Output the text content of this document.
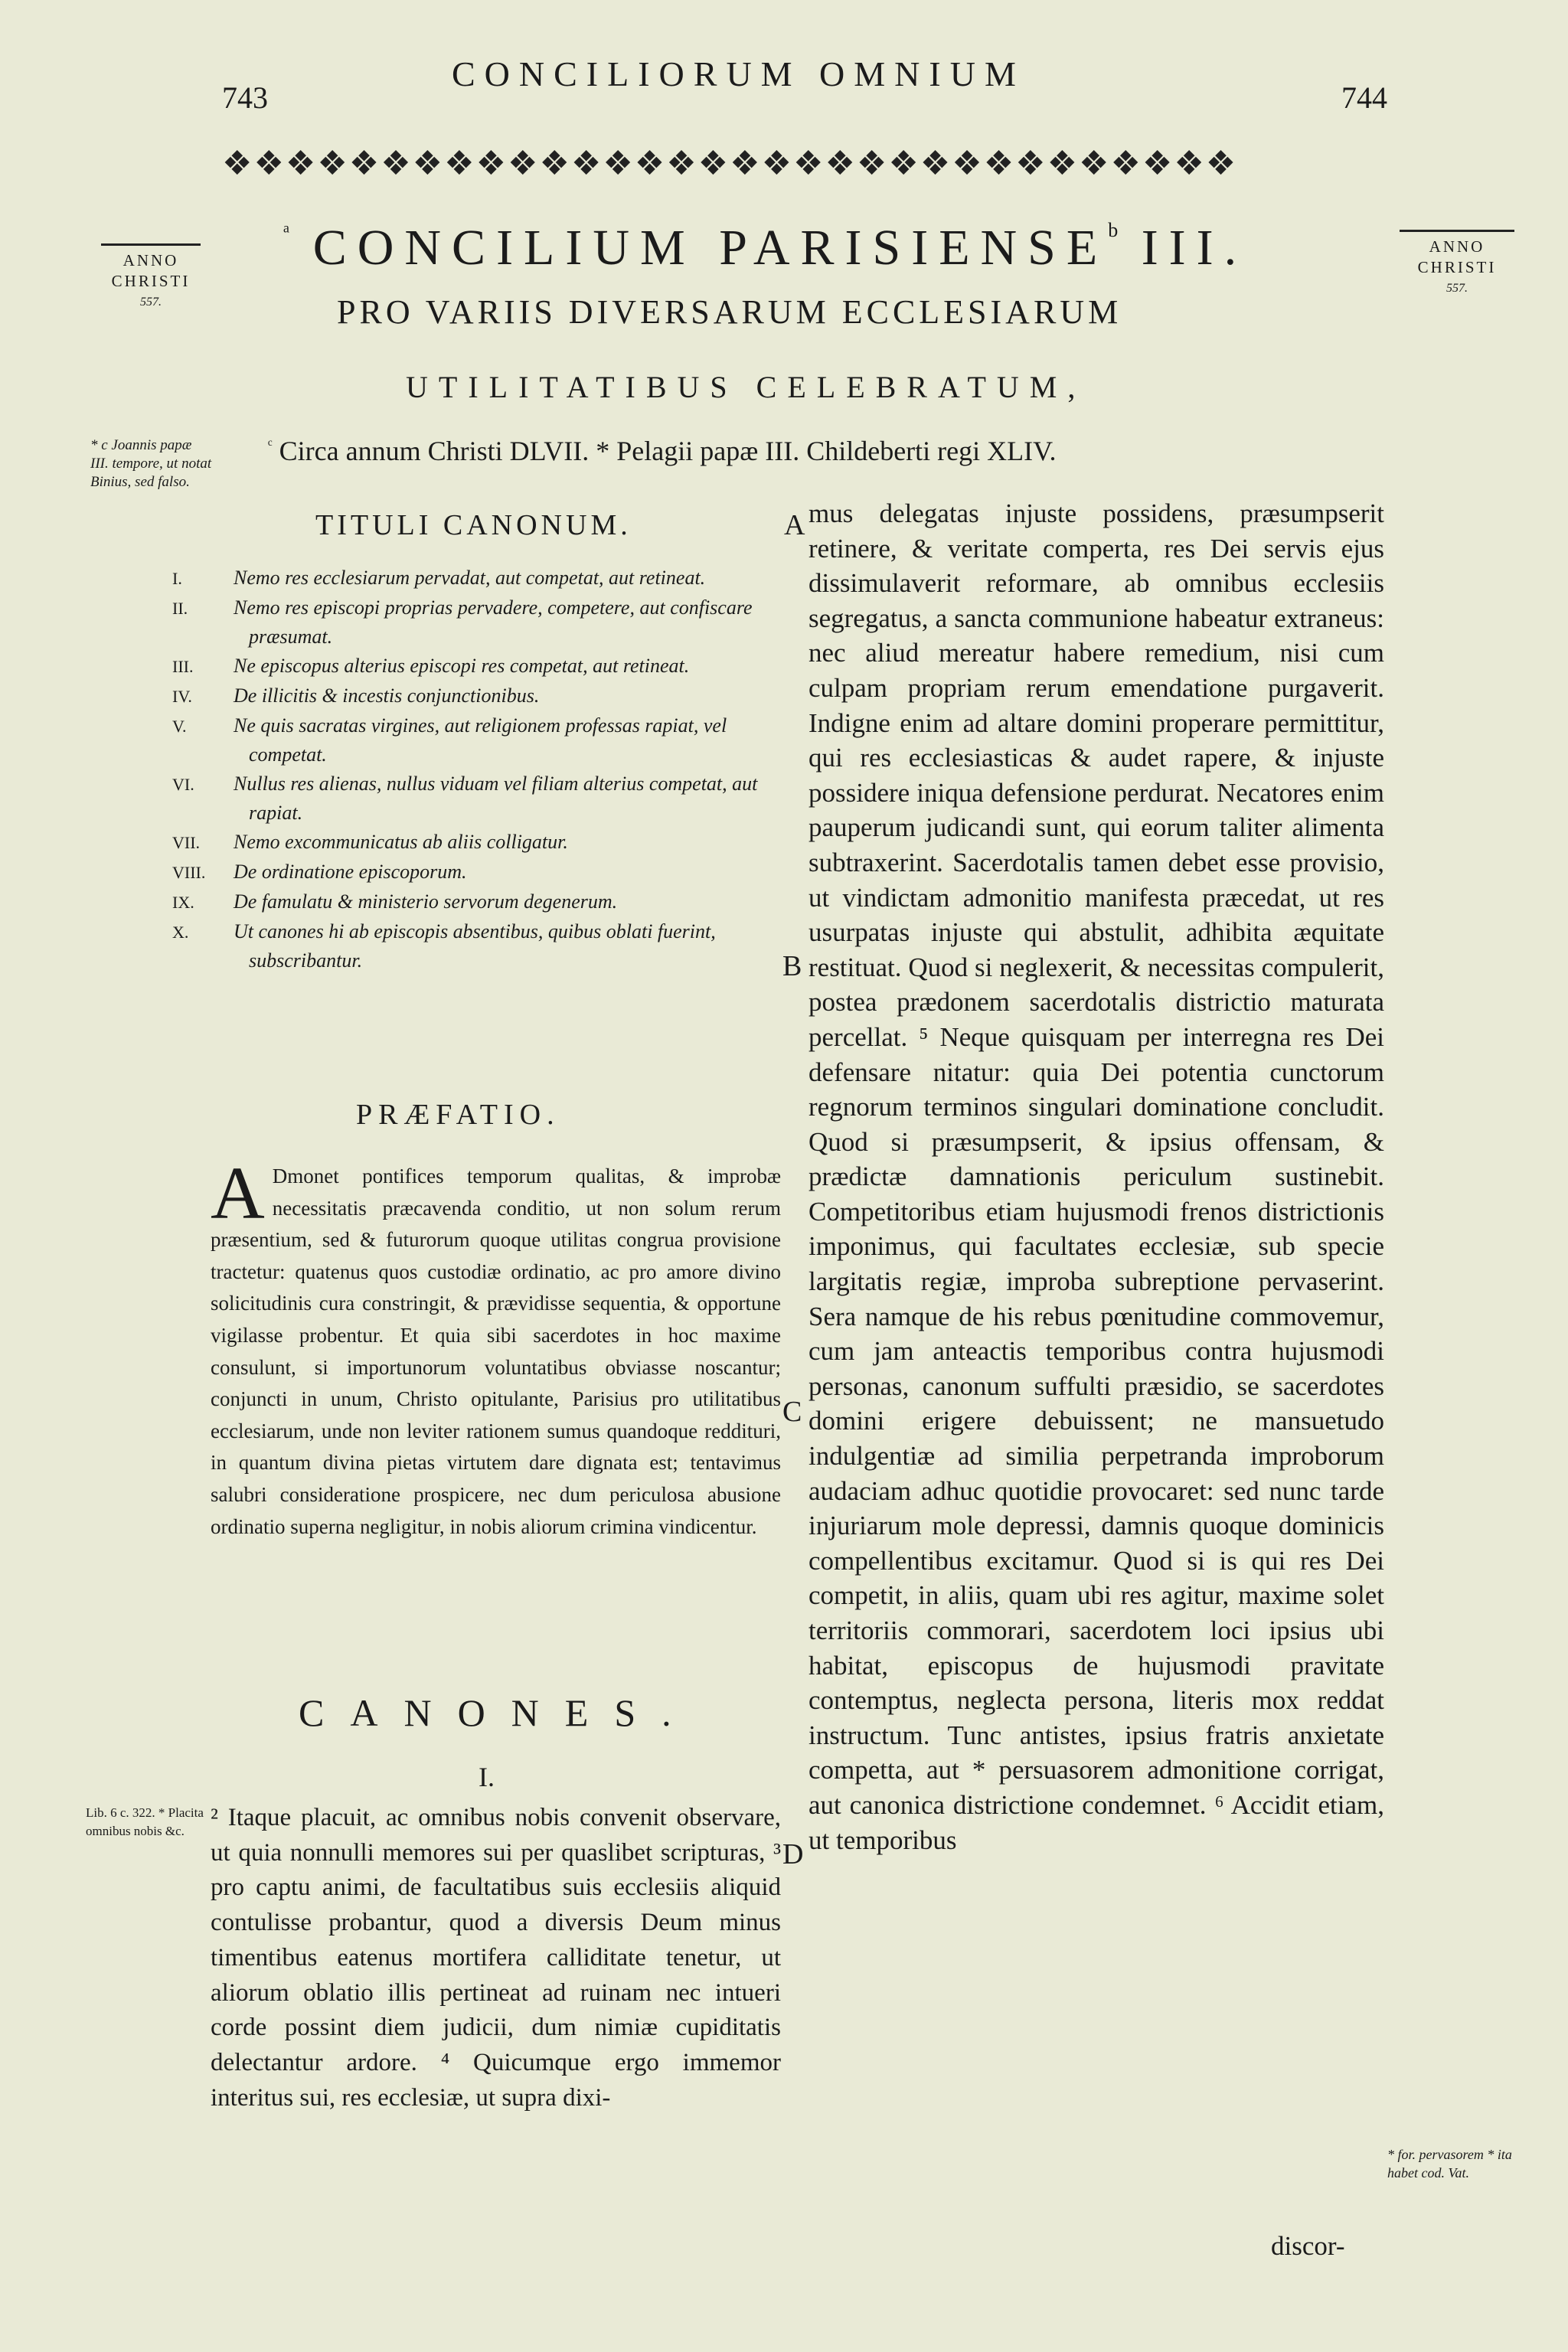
743
CONCILIORUM OMNIUM
744
❖❖❖❖❖❖❖❖❖❖❖❖❖❖❖❖❖❖❖❖❖❖❖❖❖❖❖❖❖❖❖❖
ANNO
CHRISTI
557.
ANNO
CHRISTI
557.
$^ᵃ$ CONCILIUM PARISIENSE$^b$ III.
PRO VARIIS DIVERSARUM ECCLESIARUM
UTILITATIBUS CELEBRATUM,
$^ᶜ$ Circa annum Christi DLVII. * Pelagii papæ III. Childeberti regi XLIV.
* c Joannis papæ III. tempore, ut notat Binius, sed falso.
TITULI CANONUM.
I.	Nemo res ecclesiarum pervadat, aut competat, aut retineat.
II. Nemo res episcopi proprias pervadere, competere, aut confiscare præsumat.
III. Ne episcopus alterius episcopi res competat, aut retineat.
IV. De illicitis & incestis conjunctionibus.
V. Ne quis sacratas virgines, aut religionem professas rapiat, vel competat.
VI. Nullus res alienas, nullus viduam vel filiam alterius competat, aut rapiat.
VII. Nemo excommunicatus ab aliis colligatur.
VIII. De ordinatione episcoporum.
IX. De famulatu & ministerio servorum degenerum.
X. Ut canones hi ab episcopis absentibus, quibus oblati fuerint, subscribantur.
PRÆFATIO.
A Dmonet pontifices temporum qualitas, & improbæ necessitatis præcavenda conditio, ut non solum rerum præsentium, sed & futurorum quoque utilitas congrua provisione tractetur: quatenus quos custodiæ ordinatio, ac pro amore divino solicitudinis cura constringit, & prævidisse sequentia, & opportune vigilasse probentur. Et quia sibi sacerdotes in hoc maxime consulunt, si importunorum voluntatibus obviasse noscantur; conjuncti in unum, Christo opitulante, Parisius pro utilitatibus ecclesiarum, unde non leviter rationem sumus quandoque reddituri, in quantum divina pietas virtutem dare dignata est; tentavimus salubri consideratione prospicere, nec dum periculosa abusione ordinatio superna negligitur, in nobis aliorum crimina vindicentur.
CANONES.
I.
² Itaque placuit, ac omnibus nobis convenit observare, ut quia nonnulli memores sui per quaslibet scripturas, ³ pro captu animi, de facultatibus suis ecclesiis aliquid contulisse probantur, quod a diversis Deum minus timentibus eatenus mortifera calliditate tenetur, ut aliorum oblatio illis pertineat ad ruinam nec intueri corde possint diem judicii, dum nimiæ cupiditatis delectantur ardore. ⁴ Quicumque ergo immemor interitus sui, res ecclesiæ, ut supra dixi-
Lib. 6 c. 322. * Placita omnibus nobis &c.
mus delegatas injuste possidens, præsumpserit retinere, & veritate compertа, res Dei servis ejus dissimulaverit reformare, ab omnibus ecclesiis segregatus, a sancta communione habeatur extraneus: nec aliud mereatur habere remedium, nisi cum culpam propriam rerum emendatione purgaverit. Indigne enim ad altare domini properare permittitur, qui res ecclesiasticas & audet rapere, & injuste possidere iniqua defensione perdurat. Necatores enim pauperum judicandi sunt, qui eorum taliter alimenta subtraxerint. Sacerdotalis tamen debet esse provisio, ut vindictam admonitio manifesta præcedat, ut res usurpatas injuste qui abstulit, adhibita æquitate restituat. Quod si neglexerit, & necessitas compulerit, postea prædonem sacerdotalis districtio maturata percellat. ⁵ Neque quisquam per interregna res Dei defensare nitatur: quia Dei potentia cunctorum regnorum terminos singulari dominatione concludit. Quod si præsumpserit, & ipsius offensam, & prædictæ damnationis periculum sustinebit. Competitoribus etiam hujusmodi frenos districtionis imponimus, qui facultates ecclesiæ, sub specie largitatis regiæ, improba subreptione pervaserint. Sera namque de his rebus pœnitudine commovemur, cum jam anteactis temporibus contra hujusmodi personas, canonum suffulti præsidio, se sacerdotes domini erigere debuissent; ne mansuetudo indulgentiæ ad similia perpetranda improborum audaciam adhuc quotidie provocaret: sed nunc tarde injuriarum mole depressi, damnis quoque dominicis compellentibus excitamur. Quod si is qui res Dei competit, in aliis, quam ubi res agitur, maxime solet territoriis commorari, sacerdotem loci ipsius ubi habitat, episcopus de hujusmodi pravitate contemptus, neglecta persona, literis mox reddat instructum. Tunc antistes, ipsius fratris anxietate competta, aut * persuasorem admonitione corrigat, aut canonica districtione condemnet. ⁶ Accidit etiam, ut temporibus
discor-
A
B
C
D
* for. pervasorem * ita habet cod. Vat.
